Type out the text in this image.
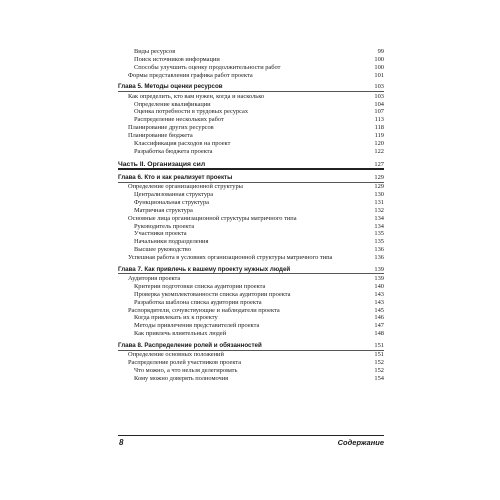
Виды ресурсов	99
Поиск источников информации	100
Способы улучшить оценку продолжительности работ	100
Формы представления графика работ проекта	101
Глава 5. Методы оценки ресурсов	103
Как определить, кто вам нужен, когда и насколько	103
Определение квалификации	104
Оценка потребности в трудовых ресурсах	107
Распределение нескольких работ	113
Планирование других ресурсов	118
Планирование бюджета	119
Классификация расходов на проект	120
Разработка бюджета проекта	122
Часть II. Организация сил	127
Глава 6. Кто и как реализует проекты	129
Определение организационной структуры	129
Централизованная структура	130
Функциональная структура	131
Матричная структура	132
Основные лица организационной структуры матричного типа	134
Руководитель проекта	134
Участники проекта	135
Начальники подразделения	135
Высшее руководство	136
Успешная работа в условиях организационной структуры матричного типа	136
Глава 7. Как привлечь к вашему проекту нужных людей	139
Аудитория проекта	139
Критерии подготовки списка аудитории проекта	140
Проверка укомплектованности списка аудитории проекта	143
Разработка шаблона списка аудитории проекта	143
Распорядители, сочувствующие и наблюдатели проекта	145
Когда привлекать их к проекту	146
Методы привлечения представителей проекта	147
Как привлечь влиятельных людей	148
Глава 8. Распределение ролей и обязанностей	151
Определение основных положений	151
Распределение ролей участников проекта	152
Что можно, а что нельзя делегировать	152
Кому можно доверять полномочия	154
8	Содержание
